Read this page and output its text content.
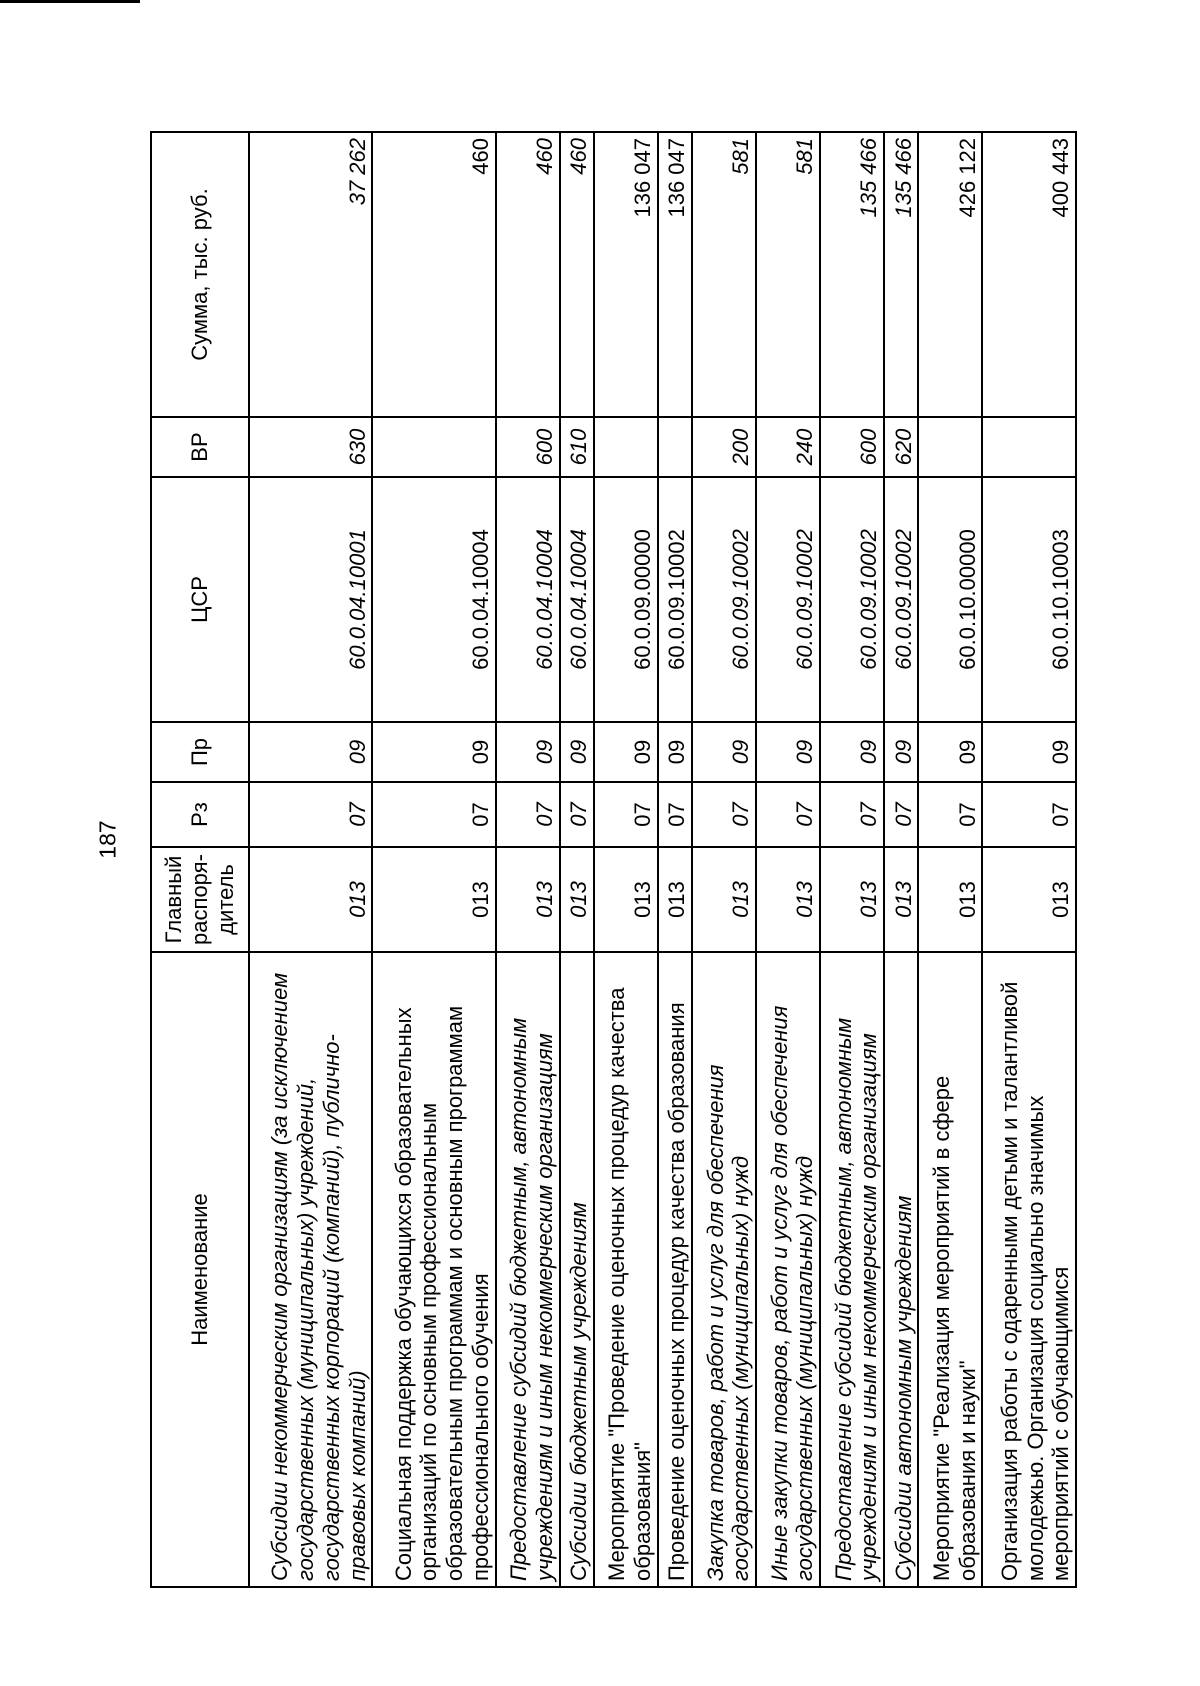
187
Наименование	Главный распоря-дитель	Рз	Пр	ЦСР	ВР	Сумма, тыс. руб.
Субсидии некоммерческим организациям (за исключением государственных (муниципальных) учреждений, государственных корпораций (компаний), публично-правовых компаний)	013	07	09	60.0.04.10001	630	37 262
Социальная поддержка обучающихся образовательных организаций по основным профессиональным образовательным программам и основным программам профессионального обучения	013	07	09	60.0.04.10004		460
Предоставление субсидий бюджетным, автономным учреждениям и иным некоммерческим организациям	013	07	09	60.0.04.10004	600	460
Субсидии бюджетным учреждениям	013	07	09	60.0.04.10004	610	460
Мероприятие "Проведение оценочных процедур качества образования"	013	07	09	60.0.09.00000		136 047
Проведение оценочных процедур качества образования	013	07	09	60.0.09.10002		136 047
Закупка товаров, работ и услуг для обеспечения государственных (муниципальных) нужд	013	07	09	60.0.09.10002	200	581
Иные закупки товаров, работ и услуг для обеспечения государственных (муниципальных) нужд	013	07	09	60.0.09.10002	240	581
Предоставление субсидий бюджетным, автономным учреждениям и иным некоммерческим организациям	013	07	09	60.0.09.10002	600	135 466
Субсидии автономным учреждениям	013	07	09	60.0.09.10002	620	135 466
Мероприятие "Реализация мероприятий в сфере образования и науки"	013	07	09	60.0.10.00000		426 122
Организация работы с одаренными детьми и талантливой молодежью. Организация социально значимых мероприятий с обучающимися	013	07	09	60.0.10.10003		400 443
